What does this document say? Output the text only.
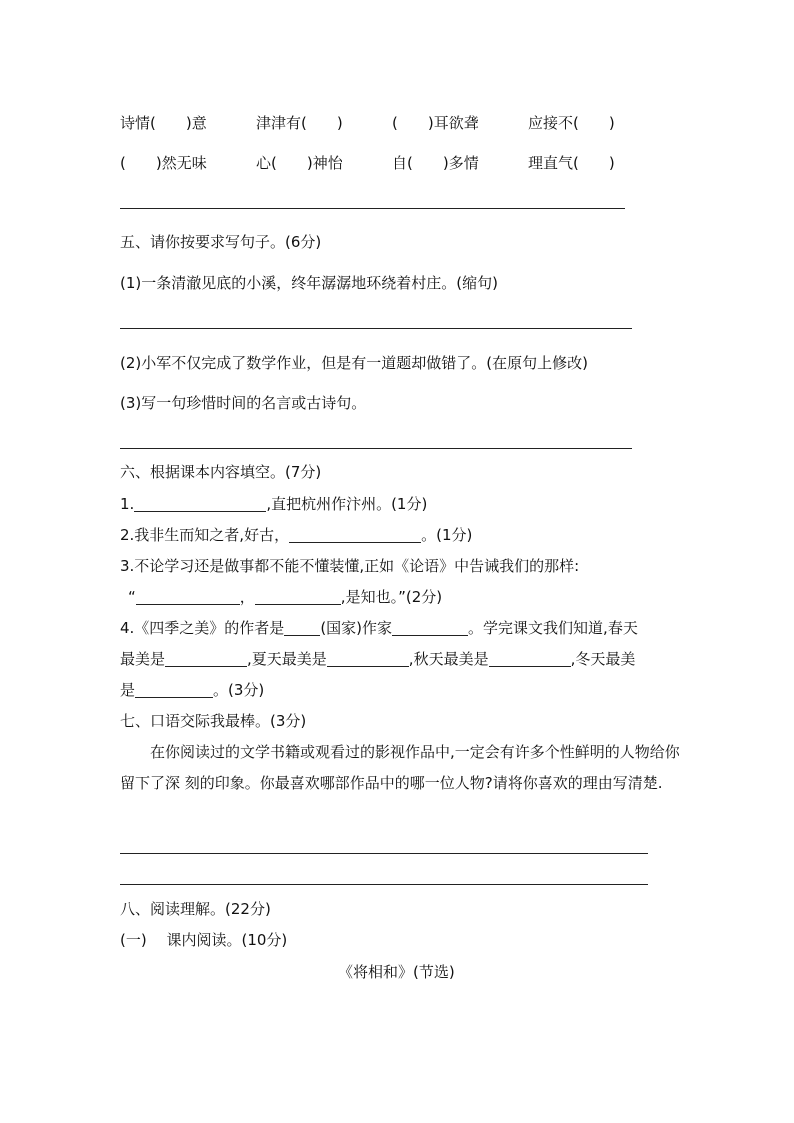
诗情(　　)意	津津有(　　)	(　　)耳欲聋	应接不(　　)
(　　)然无味	心(　　)神怡	自(　　)多情	理直气(　　)
五、请你按要求写句子。(6分)
(1)一条清澈见底的小溪，终年潺潺地环绕着村庄。(缩句)
(2)小军不仅完成了数学作业，但是有一道题却做错了。(在原句上修改)
(3)写一句珍惜时间的名言或古诗句。
六、根据课本内容填空。(7分)
1.	,直把杭州作汴州。(1分)
2.我非生而知之者,好古，	。(1分)
3.不论学习还是做事都不能不懂装懂,正如《论语》中告诫我们的那样:
“	，	,是知也。”(2分)
4.《四季之美》的作者是 (国家)作家	。学完课文我们知道,春天
最美是	,夏天最美是	,秋天最美是	,冬天最美
是	。(3分)
七、口语交际我最棒。(3分)
在你阅读过的文学书籍或观看过的影视作品中,一定会有许多个性鲜明的人物给你留下了深 刻的印象。你最喜欢哪部作品中的哪一位人物?请将你喜欢的理由写清楚.
八、阅读理解。(22分)
(一)　 课内阅读。(10分)
《将相和》(节选)
